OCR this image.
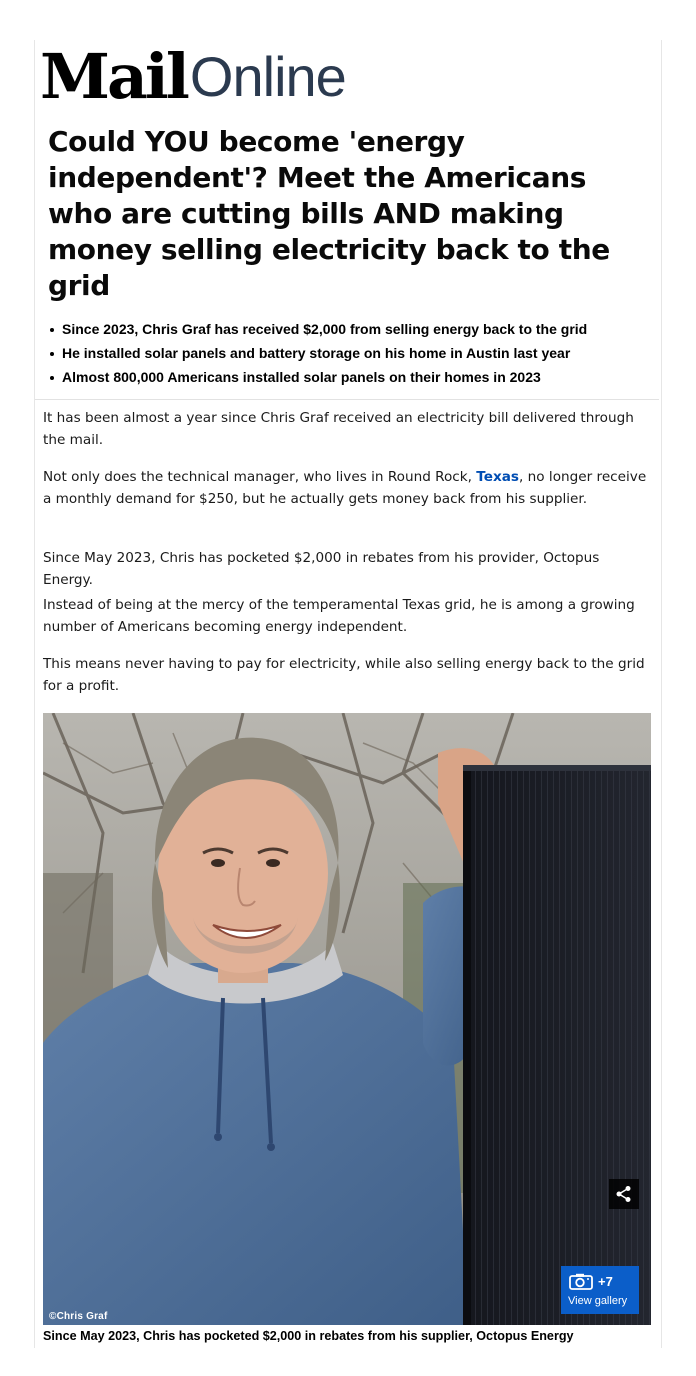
Mail Online
Could YOU become 'energy independent'? Meet the Americans who are cutting bills AND making money selling electricity back to the grid
Since 2023, Chris Graf has received $2,000 from selling energy back to the grid
He installed solar panels and battery storage on his home in Austin last year
Almost 800,000 Americans installed solar panels on their homes in 2023

It has been almost a year since Chris Graf received an electricity bill delivered through the mail.

Not only does the technical manager, who lives in Round Rock, Texas, no longer receive a monthly demand for $250, but he actually gets money back from his supplier.

Since May 2023, Chris has pocketed $2,000 in rebates from his provider, Octopus Energy.

Instead of being at the mercy of the temperamental Texas grid, he is among a growing number of Americans becoming energy independent.

This means never having to pay for electricity, while also selling energy back to the grid for a profit.

©Chris Graf
+7
View gallery

Since May 2023, Chris has pocketed $2,000 in rebates from his supplier, Octopus Energy
